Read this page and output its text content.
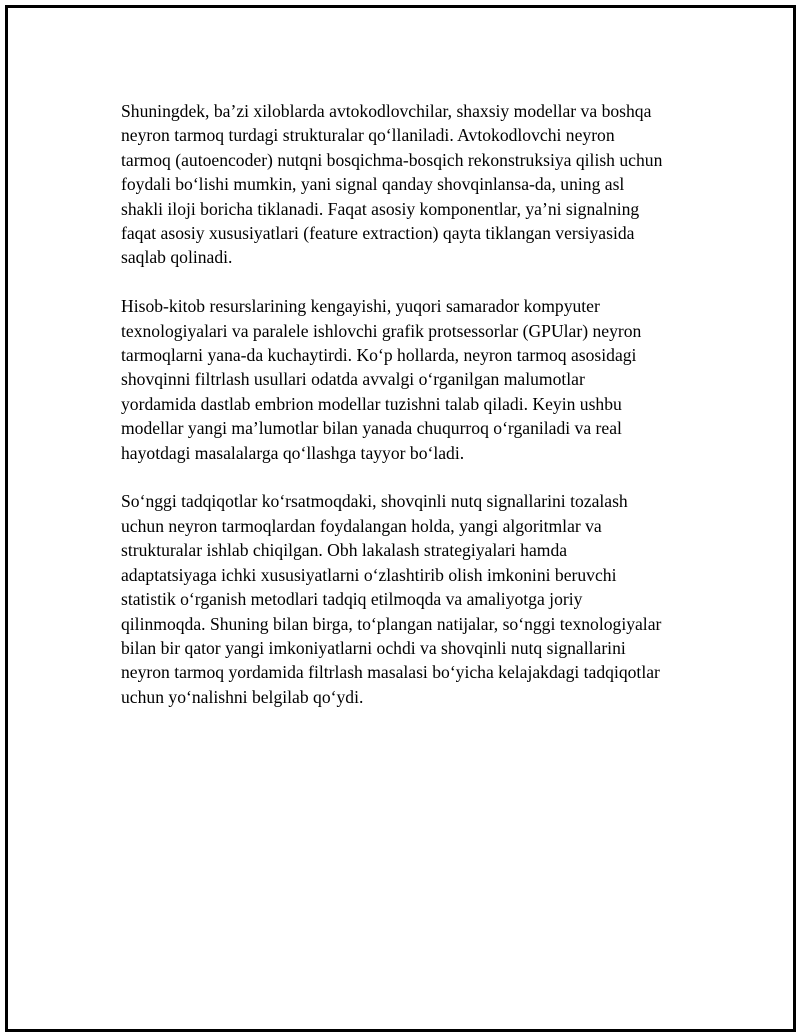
Shuningdek, ba’zi xiloblarda avtokodlovchilar, shaxsiy modellar va boshqa
neyron tarmoq turdagi strukturalar qo‘llaniladi. Avtokodlovchi neyron
tarmoq (autoencoder) nutqni bosqichma-bosqich rekonstruksiya qilish uchun
foydali bo‘lishi mumkin, yani signal qanday shovqinlansa-da, uning asl
shakli iloji boricha tiklanadi. Faqat asosiy komponentlar, ya’ni signalning
faqat asosiy xususiyatlari (feature extraction) qayta tiklangan versiyasida
saqlab qolinadi.

Hisob-kitob resurslarining kengayishi, yuqori samarador kompyuter
texnologiyalari va paralele ishlovchi grafik protsessorlar (GPUlar) neyron
tarmoqlarni yana-da kuchaytirdi. Ko‘p hollarda, neyron tarmoq asosidagi
shovqinni filtrlash usullari odatda avvalgi o‘rganilgan malumotlar
yordamida dastlab embrion modellar tuzishni talab qiladi. Keyin ushbu
modellar yangi ma’lumotlar bilan yanada chuqurroq o‘rganiladi va real
hayotdagi masalalarga qo‘llashga tayyor bo‘ladi.

So‘nggi tadqiqotlar ko‘rsatmoqdaki, shovqinli nutq signallarini tozalash
uchun neyron tarmoqlardan foydalangan holda, yangi algoritmlar va
strukturalar ishlab chiqilgan. Obh lakalash strategiyalari hamda
adaptatsiyaga ichki xususiyatlarni o‘zlashtirib olish imkonini beruvchi
statistik o‘rganish metodlari tadqiq etilmoqda va amaliyotga joriy
qilinmoqda. Shuning bilan birga, to‘plangan natijalar, so‘nggi texnologiyalar
bilan bir qator yangi imkoniyatlarni ochdi va shovqinli nutq signallarini
neyron tarmoq yordamida filtrlash masalasi bo‘yicha kelajakdagi tadqiqotlar
uchun yo‘nalishni belgilab qo‘ydi.
